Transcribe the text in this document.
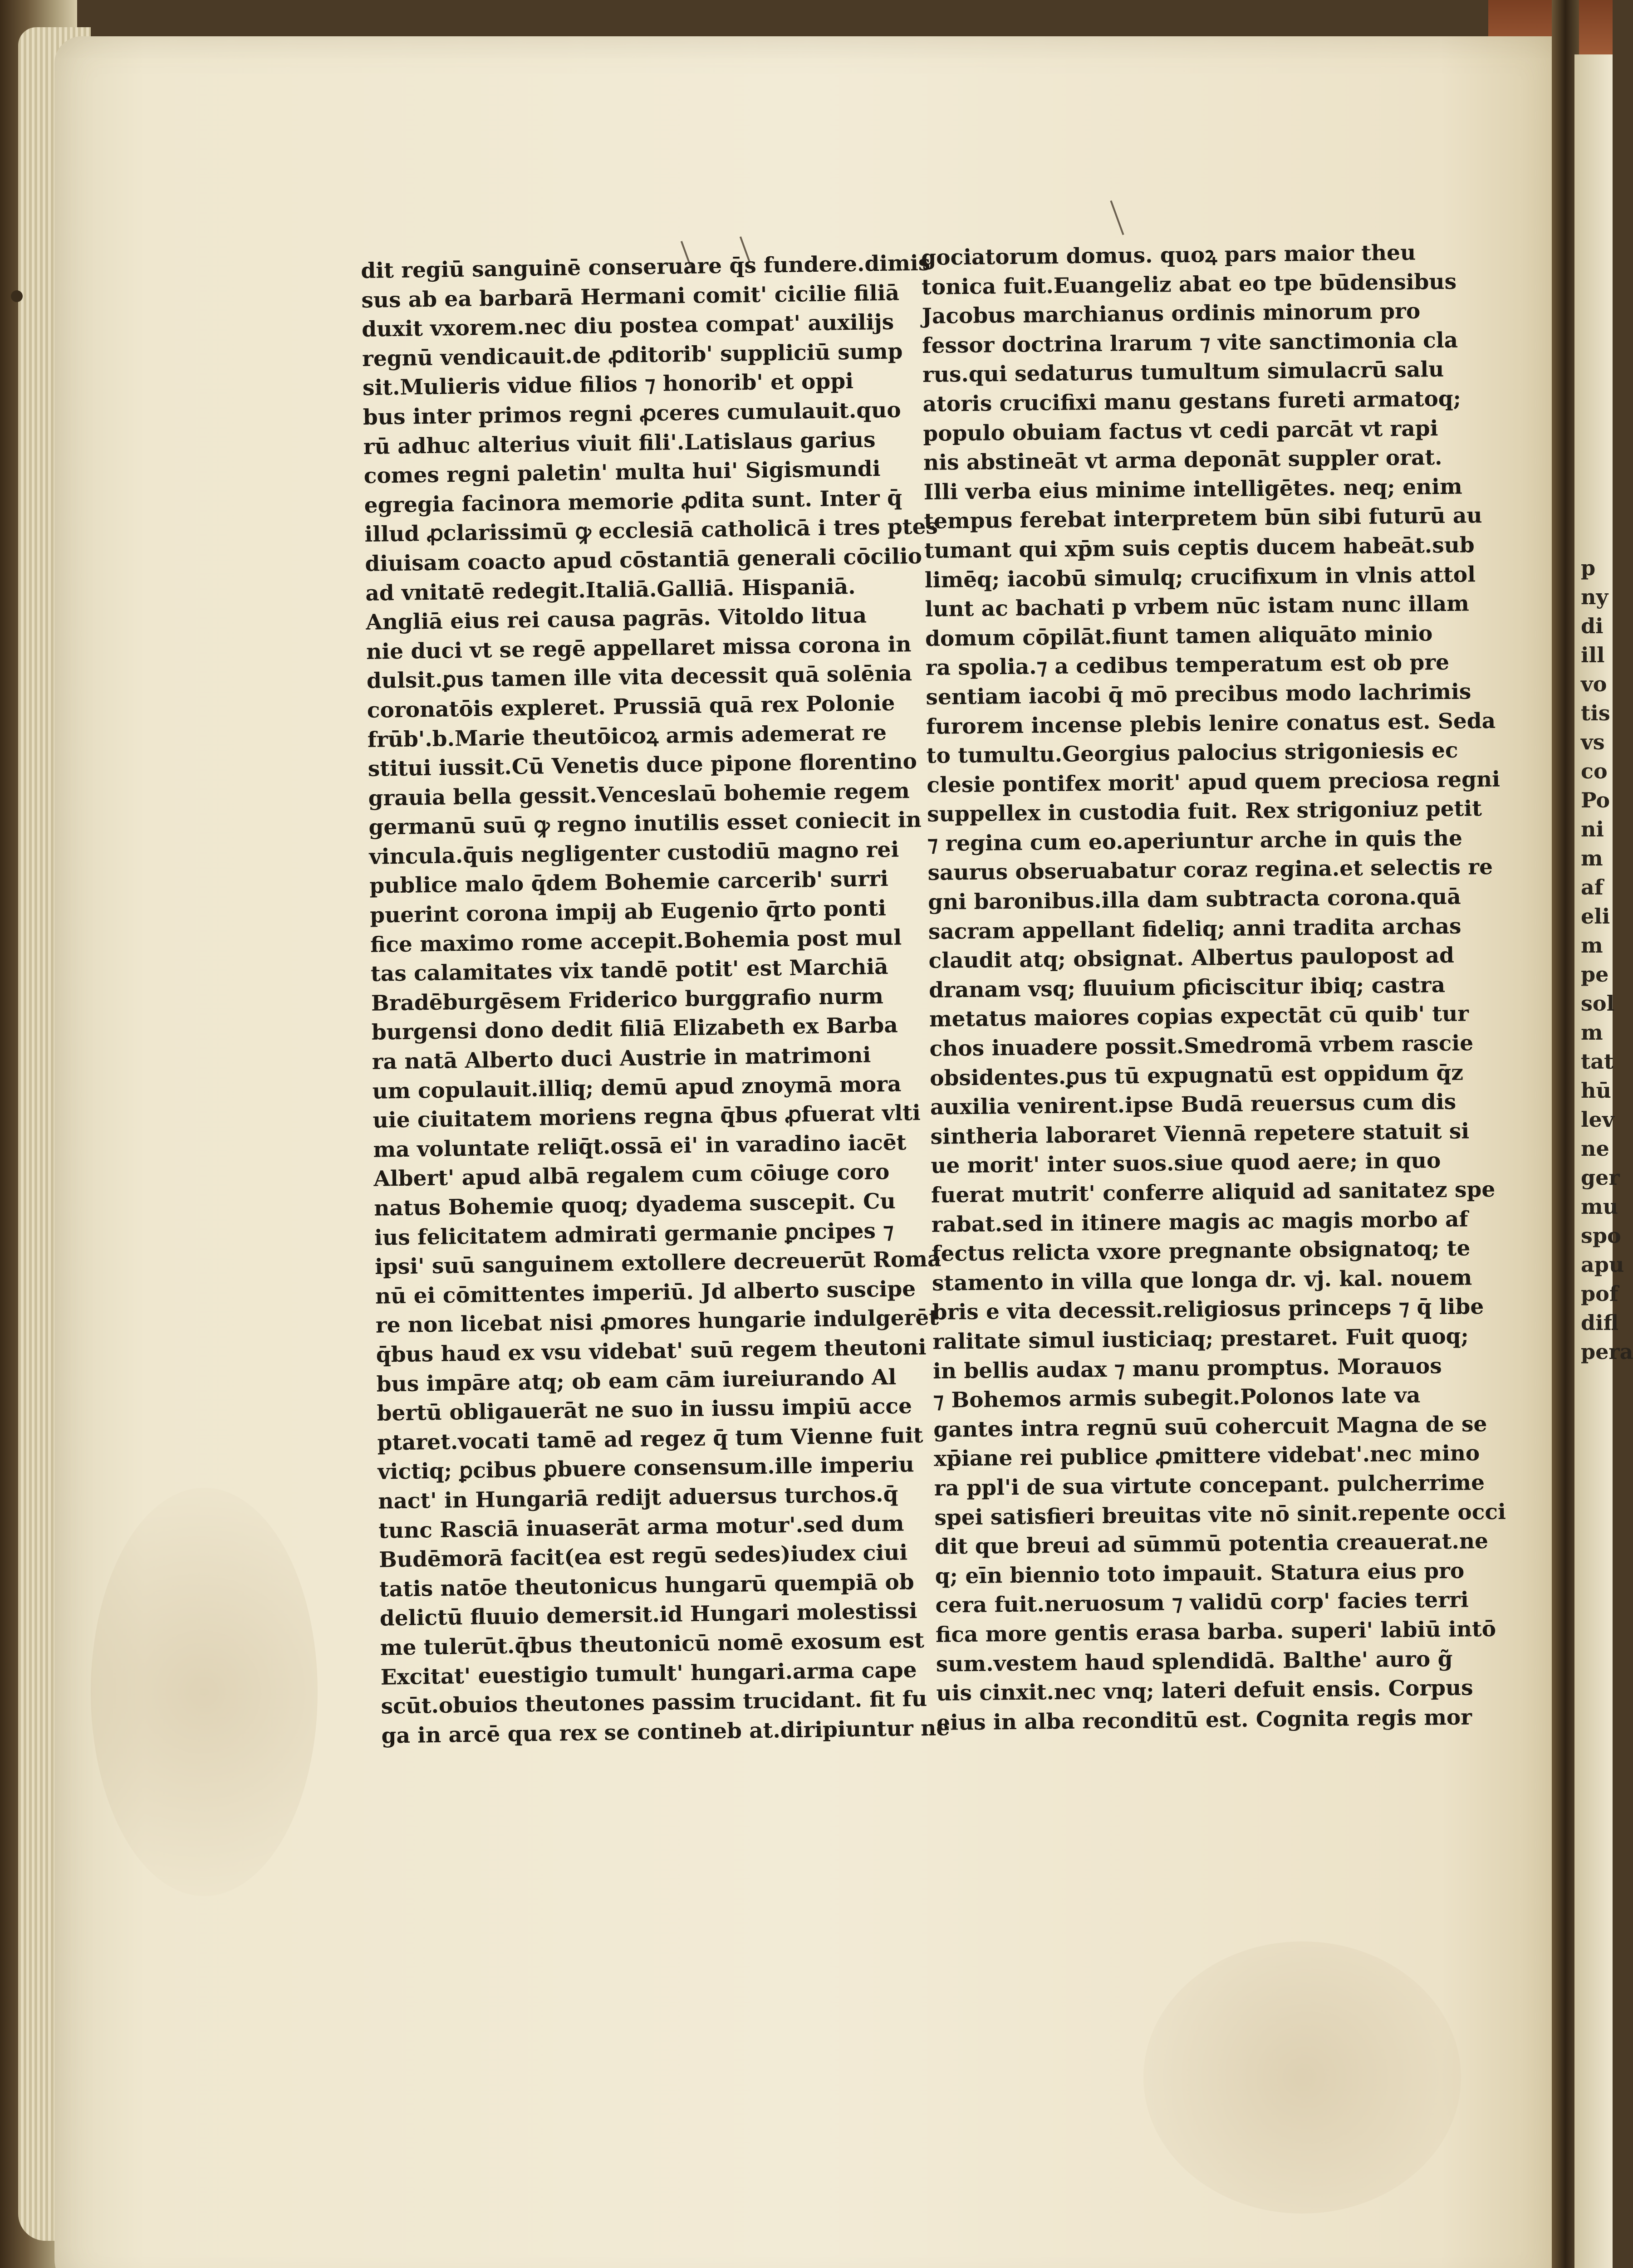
dit regiū sanguinē conseruare q̄s fundere.dimis
sus ab ea barbarā Hermani comit' cicilie filiā
duxit vxorem.nec diu postea compat' auxilijs
regnū vendicauit.de ꝓditorib' suppliciū sump
sit.Mulieris vidue filios ⁊ honorib' et oppi
bus inter primos regni ꝓceres cumulauit.quo
rū adhuc alterius viuit fili'.Latislaus garius
comes regni paletin' multa hui' Sigismundi
egregia facinora memorie ꝓdita sunt. Inter q̄
illud ꝓclarissimū ꝙ ecclesiā catholicā i tres ptes
diuisam coacto apud cōstantiā generali cōcilio
ad vnitatē redegit.Italiā.Galliā. Hispaniā.
Angliā eius rei causa pagrās. Vitoldo litua
nie duci vt se regē appellaret missa corona in
dulsit.ꝑus tamen ille vita decessit quā solēnia
coronatōis expleret. Prussiā quā rex Polonie
frūb'.b.Marie theutōicoꝝ armis ademerat re
stitui iussit.Cū Venetis duce pipone florentino
grauia bella gessit.Venceslaū bohemie regem
germanū suū ꝙ regno inutilis esset coniecit in
vincula.q̄uis negligenter custodiū magno rei
publice malo q̄dem Bohemie carcerib' surri
puerint corona impij ab Eugenio q̄rto ponti
fice maximo rome accepit.Bohemia post mul
tas calamitates vix tandē potit' est Marchiā
Bradēburgēsem Friderico burggrafio nurm
burgensi dono dedit filiā Elizabeth ex Barba
ra natā Alberto duci Austrie in matrimoni
um copulauit.illiq; demū apud znoymā mora
uie ciuitatem moriens regna q̄bus ꝓfuerat vlti
ma voluntate reliq̄t.ossā ei' in varadino iacēt
Albert' apud albā regalem cum cōiuge coro
natus Bohemie quoq; dyadema suscepit. Cu
ius felicitatem admirati germanie ꝑncipes ⁊
ipsi' suū sanguinem extollere decreuerūt Roma
nū ei cōmittentes imperiū. Jd alberto suscipe
re non licebat nisi ꝓmores hungarie indulgerēt
q̄bus haud ex vsu videbat' suū regem theutoni
bus impāre atq; ob eam cām iureiurando Al
bertū obligauerāt ne suo in iussu impiū acce
ptaret.vocati tamē ad regez q̄ tum Vienne fuit
victiq; ꝑcibus ꝑbuere consensum.ille imperiu
nact' in Hungariā redijt aduersus turchos.q̄
tunc Rasciā inuaserāt arma motur'.sed dum
Budēmorā facit(ea est regū sedes)iudex ciui
tatis natōe theutonicus hungarū quempiā ob
delictū fluuio demersit.id Hungari molestissi
me tulerūt.q̄bus theutonicū nomē exosum est
Excitat' euestigio tumult' hungari.arma cape
scūt.obuios theutones passim trucidant. fit fu
ga in arcē qua rex se contineb at.diripiuntur ne
gociatorum domus. quoꝝ pars maior theu
tonica fuit.Euangeliz abat eo tpe būdensibus
Jacobus marchianus ordinis minorum pro
fessor doctrina lrarum ⁊ vite sanctimonia cla
rus.qui sedaturus tumultum simulacrū salu
atoris crucifixi manu gestans fureti armatoq;
populo obuiam factus vt cedi parcāt vt rapi
nis abstineāt vt arma deponāt suppler orat.
Illi verba eius minime intelligētes. neq; enim
tempus ferebat interpretem būn sibi futurū au
tumant qui xp̄m suis ceptis ducem habeāt.sub
limēq; iacobū simulq; crucifixum in vlnis attol
lunt ac bachati p vrbem nūc istam nunc illam
domum cōpilāt.fiunt tamen aliquāto minio
ra spolia.⁊ a cedibus temperatum est ob pre
sentiam iacobi q̄ mō precibus modo lachrimis
furorem incense plebis lenire conatus est. Seda
to tumultu.Georgius palocius strigoniesis ec
clesie pontifex morit' apud quem preciosa regni
suppellex in custodia fuit. Rex strigoniuz petit
⁊ regina cum eo.aperiuntur arche in quis the
saurus obseruabatur coraz regina.et selectis re
gni baronibus.illa dam subtracta corona.quā
sacram appellant fideliq; anni tradita archas
claudit atq; obsignat. Albertus paulopost ad
dranam vsq; fluuium ꝑficiscitur ibiq; castra
metatus maiores copias expectāt cū quib' tur
chos inuadere possit.Smedromā vrbem rascie
obsidentes.ꝑus tū expugnatū est oppidum q̄z
auxilia venirent.ipse Budā reuersus cum dis
sintheria laboraret Viennā repetere statuit si
ue morit' inter suos.siue quod aere; in quo
fuerat mutrit' conferre aliquid ad sanitatez spe
rabat.sed in itinere magis ac magis morbo af
fectus relicta vxore pregnante obsignatoq; te
stamento in villa que longa dr. vj. kal. nouem
bris e vita decessit.religiosus princeps ⁊ q̄ libe
ralitate simul iusticiaq; prestaret. Fuit quoq;
in bellis audax ⁊ manu promptus. Morauos
⁊ Bohemos armis subegit.Polonos late va
gantes intra regnū suū cohercuit Magna de se
xp̄iane rei publice ꝓmittere videbat'.nec mino
ra ppl'i de sua virtute concepant. pulcherrime
spei satisfieri breuitas vite nō sinit.repente occi
dit que breui ad sūmmū potentia creauerat.ne
q; eīn biennio toto impauit. Statura eius pro
cera fuit.neruosum ⁊ validū corp' facies terri
fica more gentis erasa barba. superi' labiū intō
sum.vestem haud splendidā. Balthe' auro g̃
uis cinxit.nec vnq; lateri defuit ensis. Corpus
eius in alba reconditū est. Cognita regis mor
p
ny
di
ill
vo
tis
vs
co
Po
ni
m
af
eli
m
pe
sol
m
tat
hū
lev
ne
ger
mu
spo
apu
pof
difl
pera
